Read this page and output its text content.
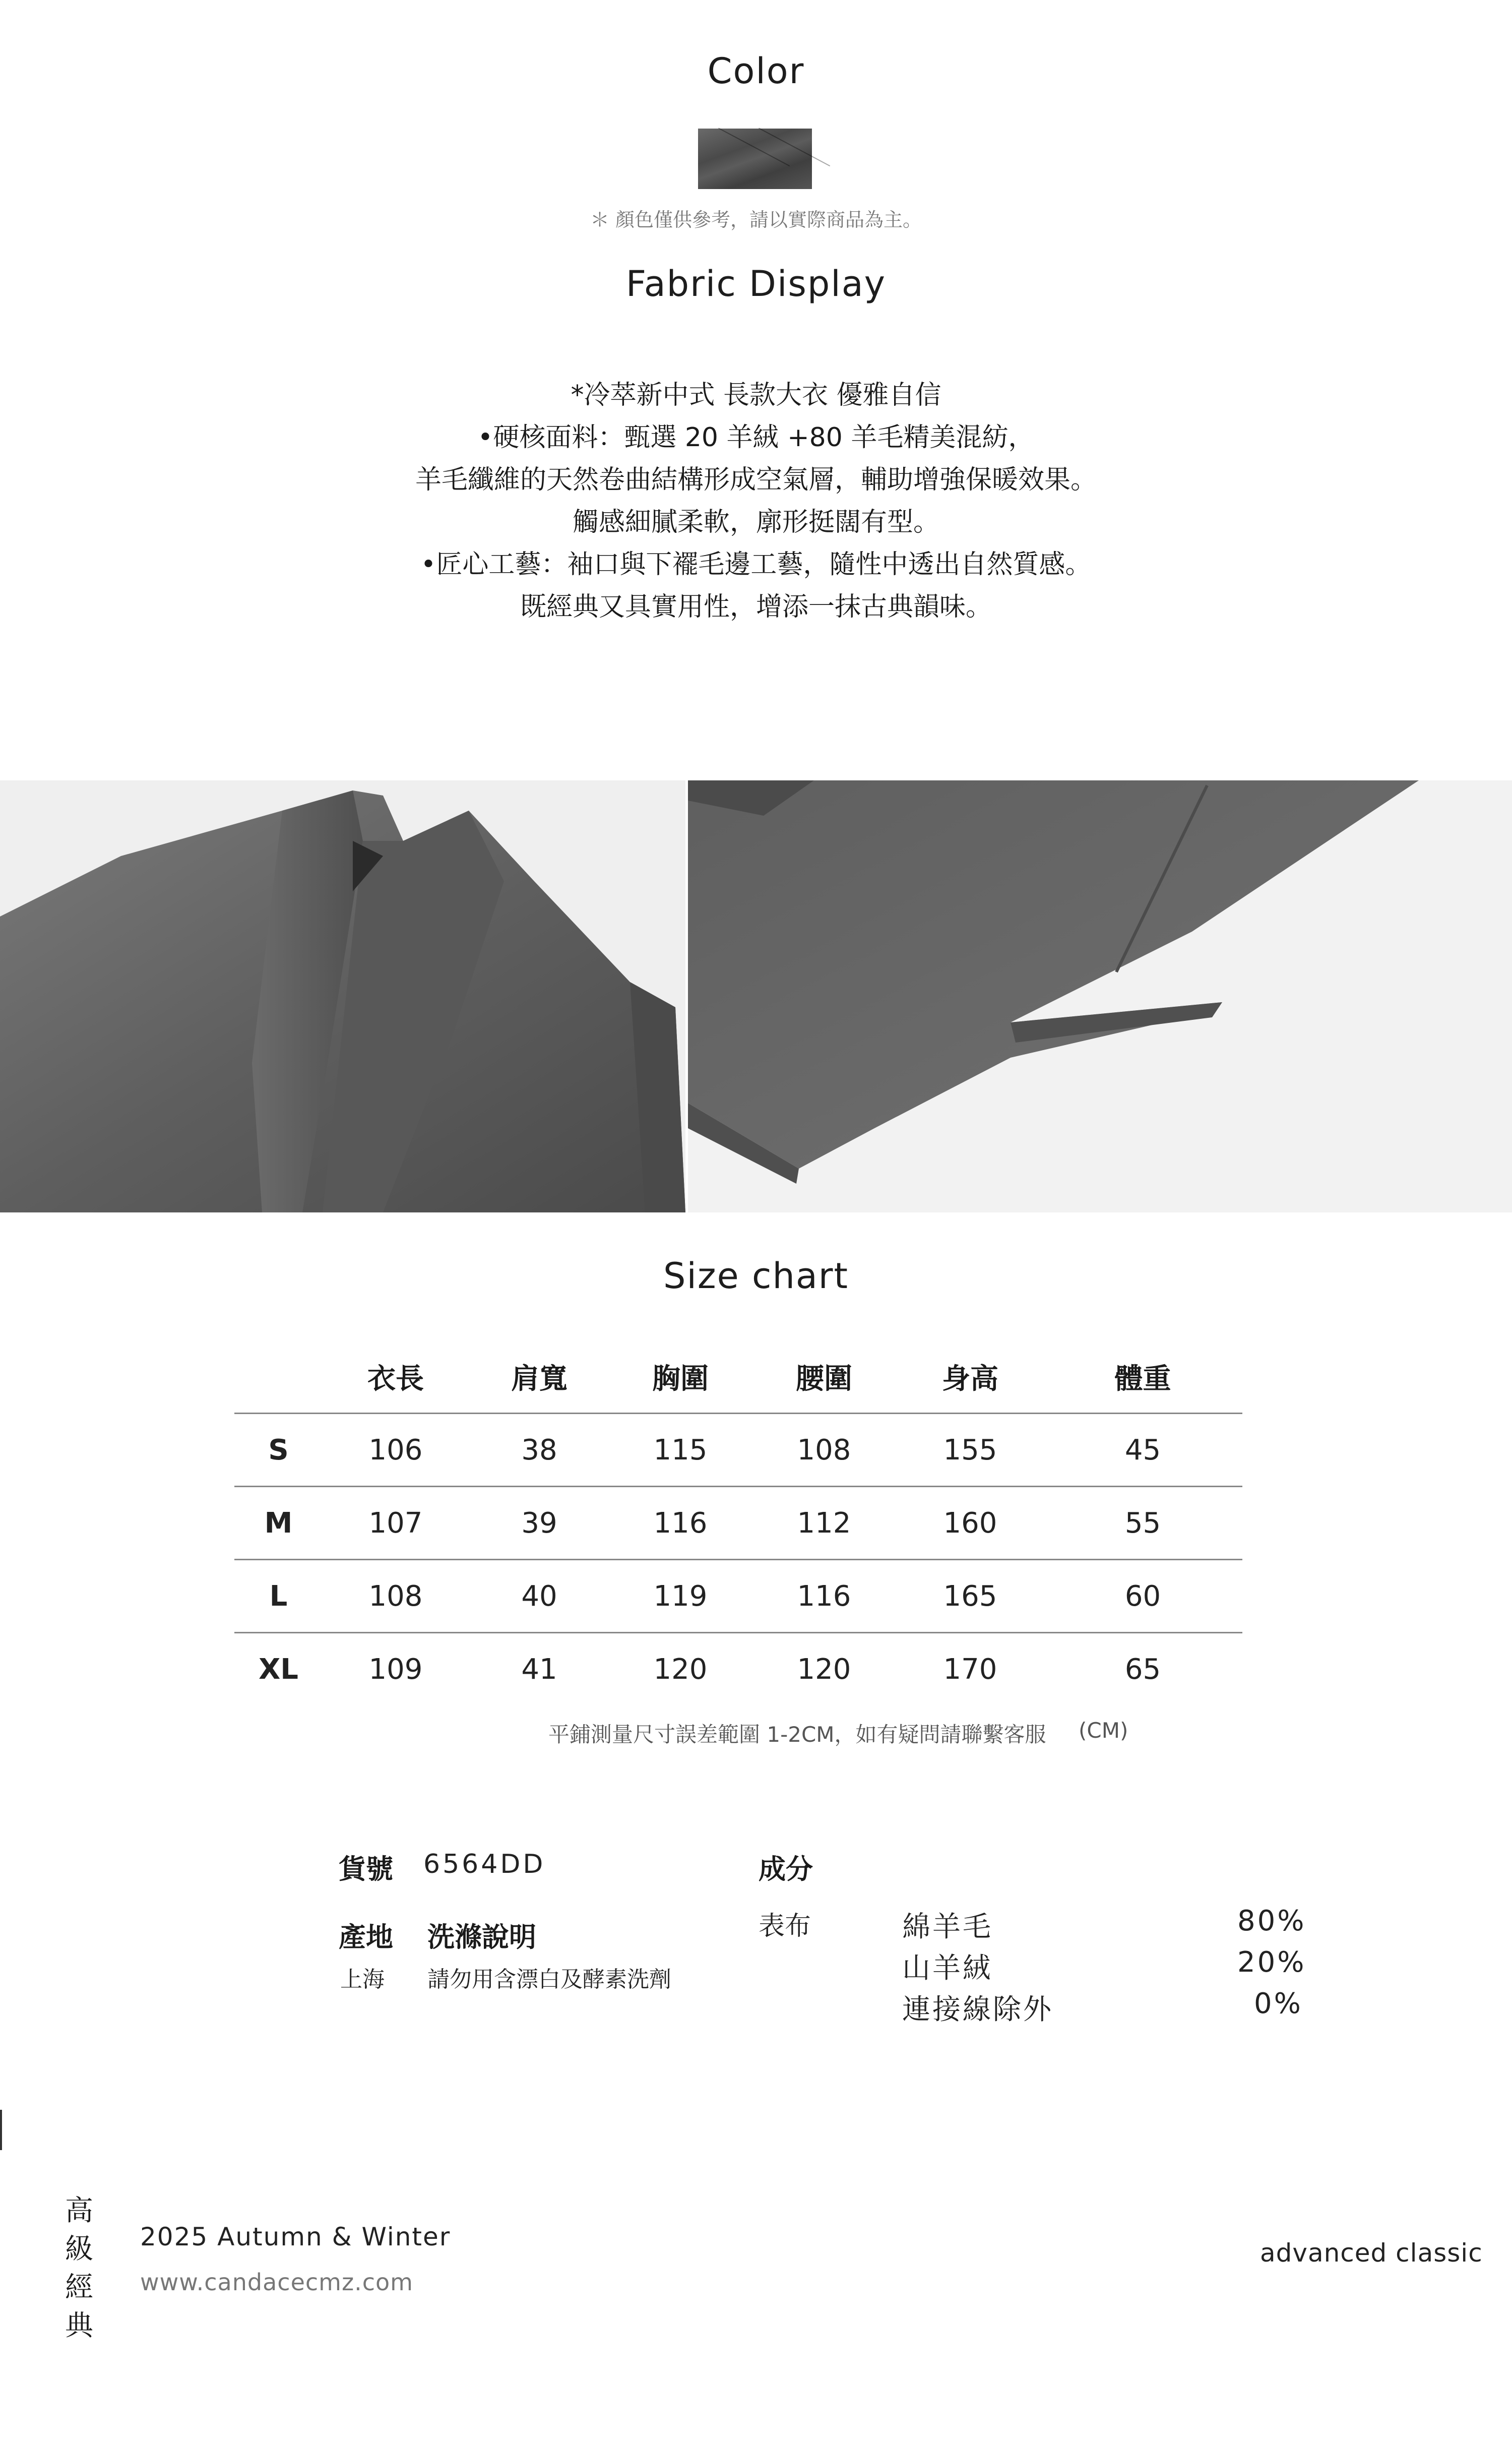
Color
＊ 顏色僅供參考，請以實際商品為主。
Fabric Display

*冷萃新中式 長款大衣 優雅自信

•硬核面料：甄選 20 羊絨 +80 羊毛精美混紡，

羊毛纖維的天然卷曲結構形成空氣層，輔助增強保暖效果。

觸感細膩柔軟，廓形挺闊有型。

•匠心工藝：袖口與下襬毛邊工藝，隨性中透出自然質感。

既經典又具實用性，增添一抹古典韻味。

Size chart
	衣長	肩寬	胸圍	腰圍	身高	體重
S	106	38	115	108	155	45
M	107	39	116	112	160	55
L	108	40	119	116	165	60
XL	109	41	120	120	170	65
平鋪測量尺寸誤差範圍 1-2CM，如有疑問請聯繫客服 (CM)
貨號 6564DD
產地 洗滌說明
上海 請勿用含漂白及酵素洗劑
成分
表布	綿羊毛	80%
山羊絨	20%
連接線除外	0%
高
級
經
典
2025 Autumn & Winter
www.candacecmz.com
advanced classic
